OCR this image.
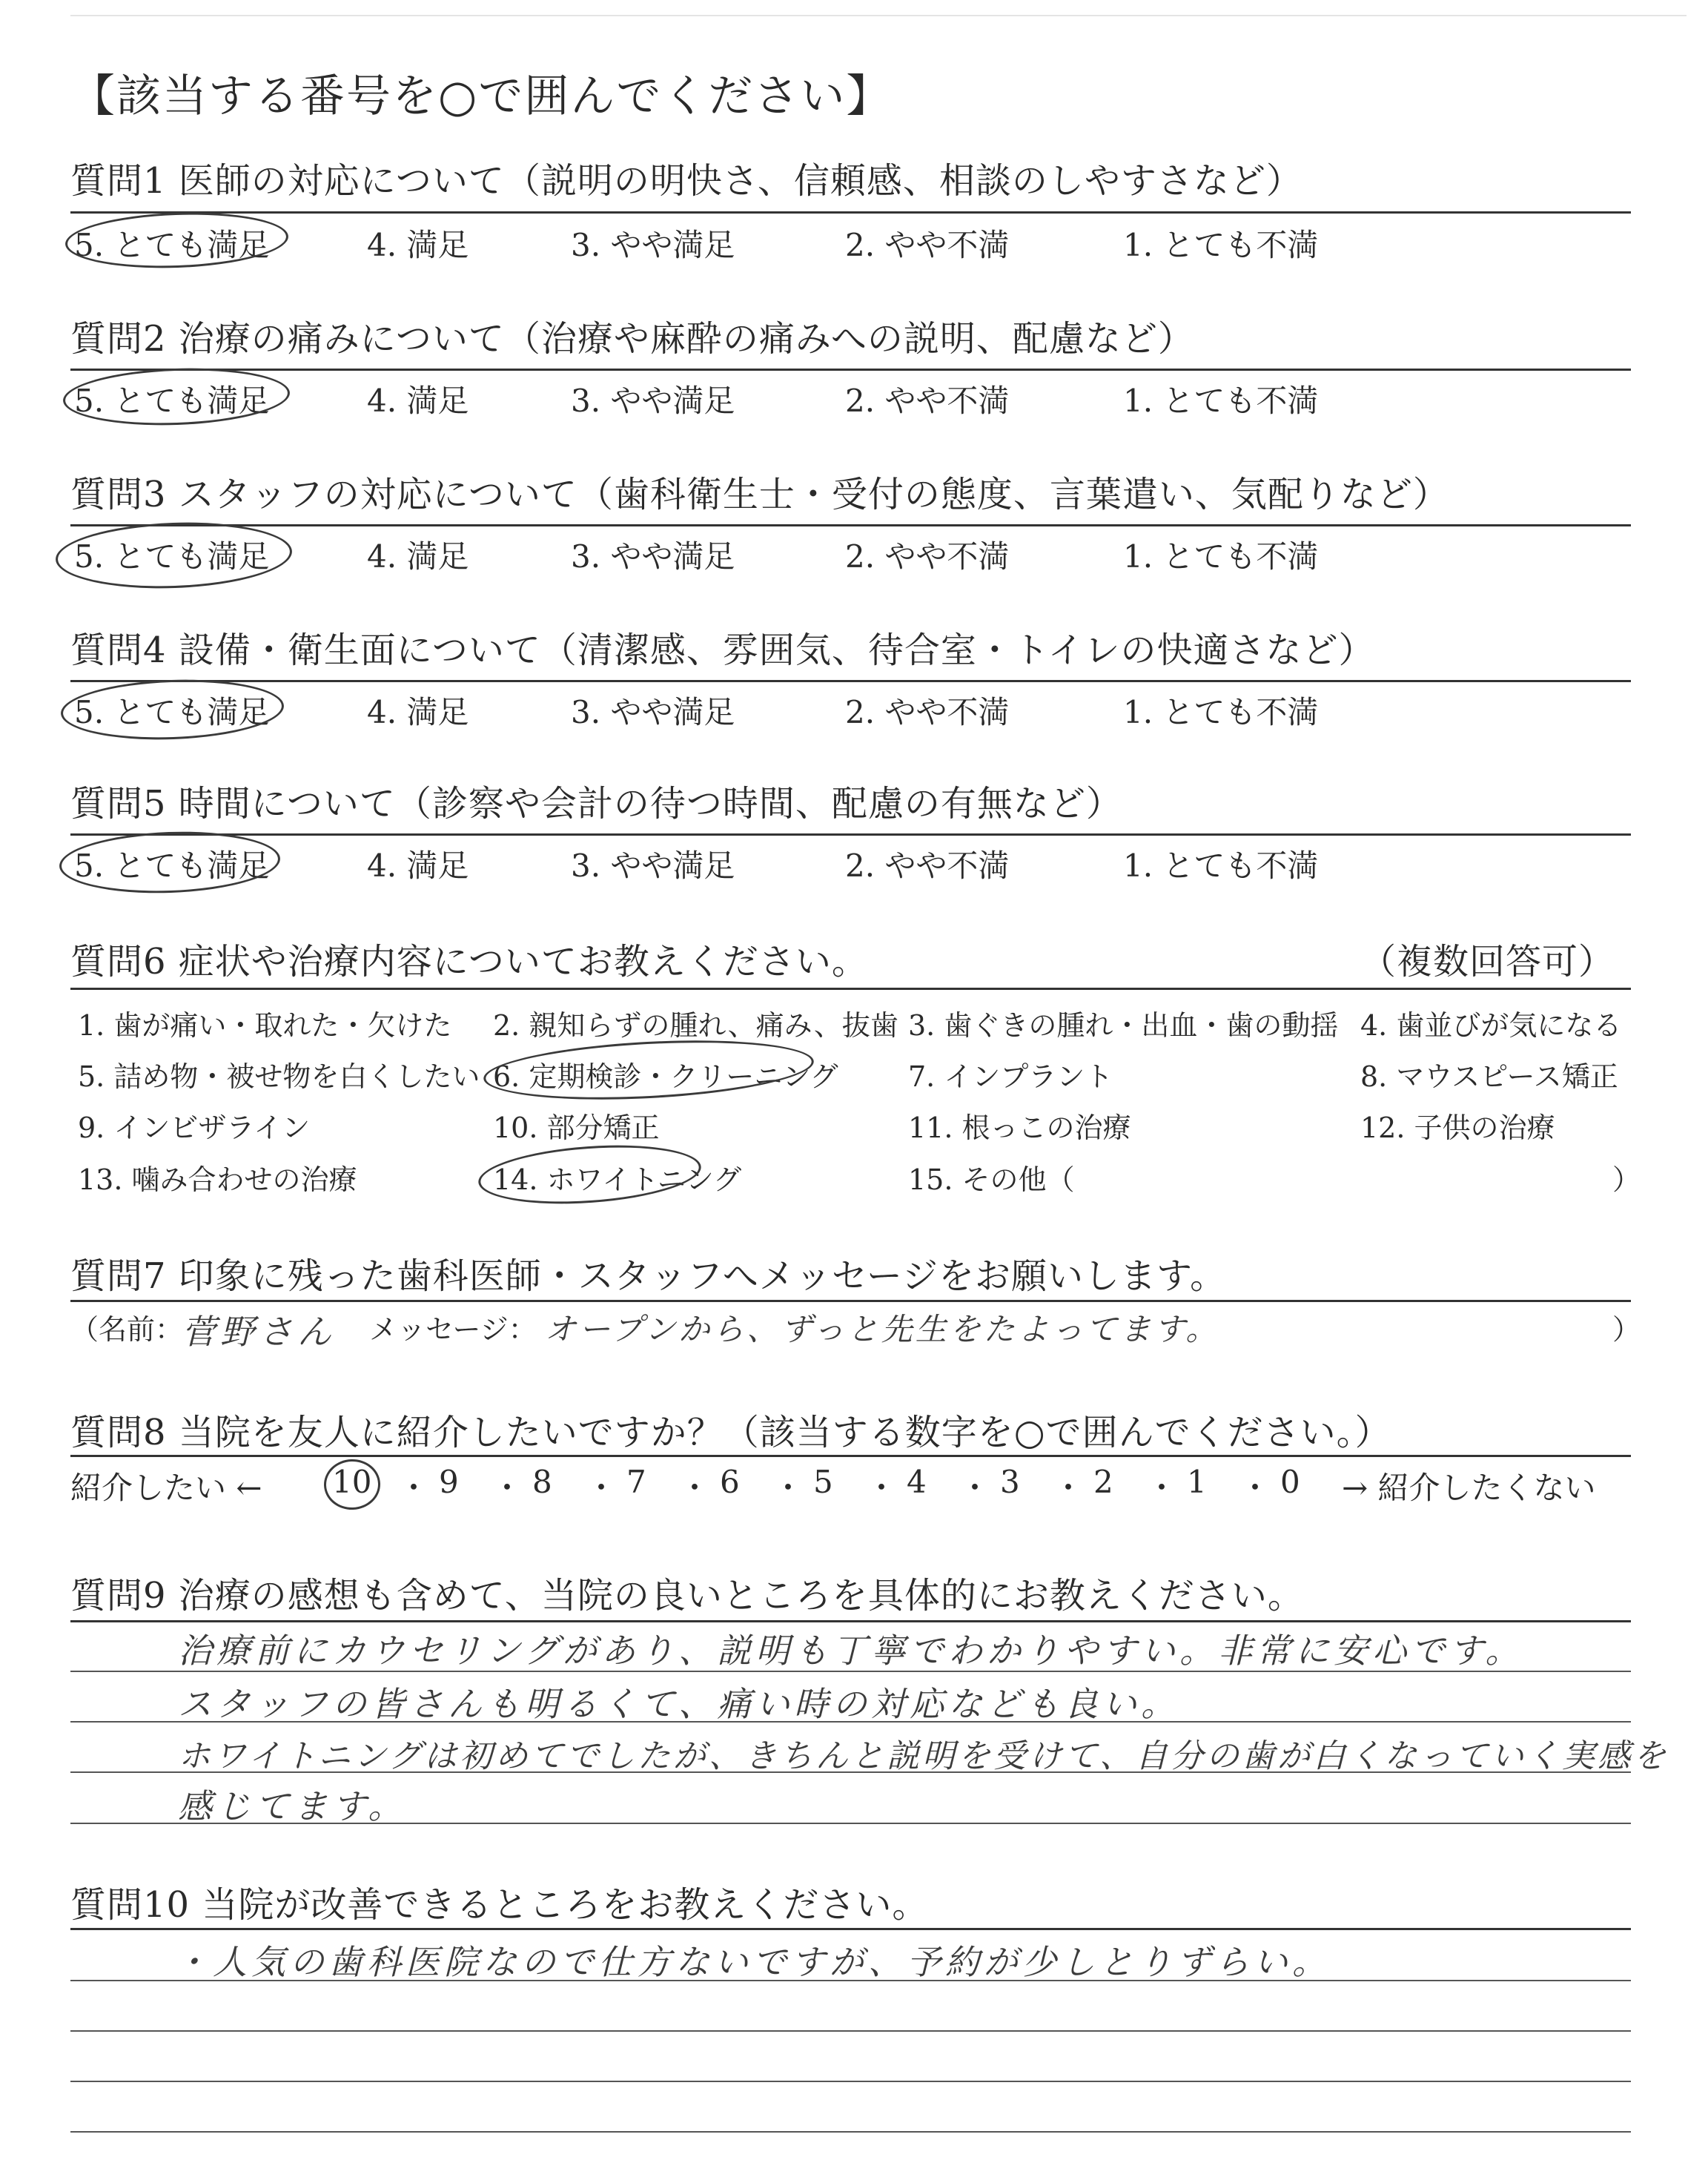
【該当する番号を○で囲んでください】
質問1 医師の対応について（説明の明快さ、信頼感、相談のしやすさなど）
5. とても満足	4. 満足	3. やや満足	2. やや不満	1. とても不満
質問2 治療の痛みについて（治療や麻酔の痛みへの説明、配慮など）
5. とても満足	4. 満足	3. やや満足	2. やや不満	1. とても不満
質問3 スタッフの対応について（歯科衛生士・受付の態度、言葉遣い、気配りなど）
5. とても満足	4. 満足	3. やや満足	2. やや不満	1. とても不満
質問4 設備・衛生面について（清潔感、雰囲気、待合室・トイレの快適さなど）
5. とても満足	4. 満足	3. やや満足	2. やや不満	1. とても不満
質問5 時間について（診察や会計の待つ時間、配慮の有無など）
5. とても満足	4. 満足	3. やや満足	2. やや不満	1. とても不満
質問6 症状や治療内容についてお教えください。	（複数回答可）
1. 歯が痛い・取れた・欠けた 2. 親知らずの腫れ、痛み、抜歯 3. 歯ぐきの腫れ・出血・歯の動揺 4. 歯並びが気になる
5. 詰め物・被せ物を白くしたい 6. 定期検診・クリーニング 7. インプラント	8. マウスピース矯正
9. インビザライン	10. 部分矯正	11. 根っこの治療	12. 子供の治療
13. 噛み合わせの治療	14. ホワイトニング	15. その他（	）
質問7 印象に残った歯科医師・スタッフへメッセージをお願いします。
（名前：
菅野さん メッセージ： オープンから、ずっと先生をたよってます。	）
質問8 当院を友人に紹介したいですか？（該当する数字を○で囲んでください。）
紹介したい ←	→ 紹介したくない
10 ・ 9 ・ 8 ・ 7 ・ 6 ・ 5 ・ 4 ・ 3 ・ 2 ・ 1 ・ 0
質問9 治療の感想も含めて、当院の良いところを具体的にお教えください。
治療前にカウセリングがあり、説明も丁寧でわかりやすい。非常に安心です。
スタッフの皆さんも明るくて、痛い時の対応なども良い。
ホワイトニングは初めてでしたが、きちんと説明を受けて、自分の歯が白くなっていく実感を
感じてます。
質問10 当院が改善できるところをお教えください。
・人気の歯科医院なので仕方ないですが、予約が少しとりずらい。
